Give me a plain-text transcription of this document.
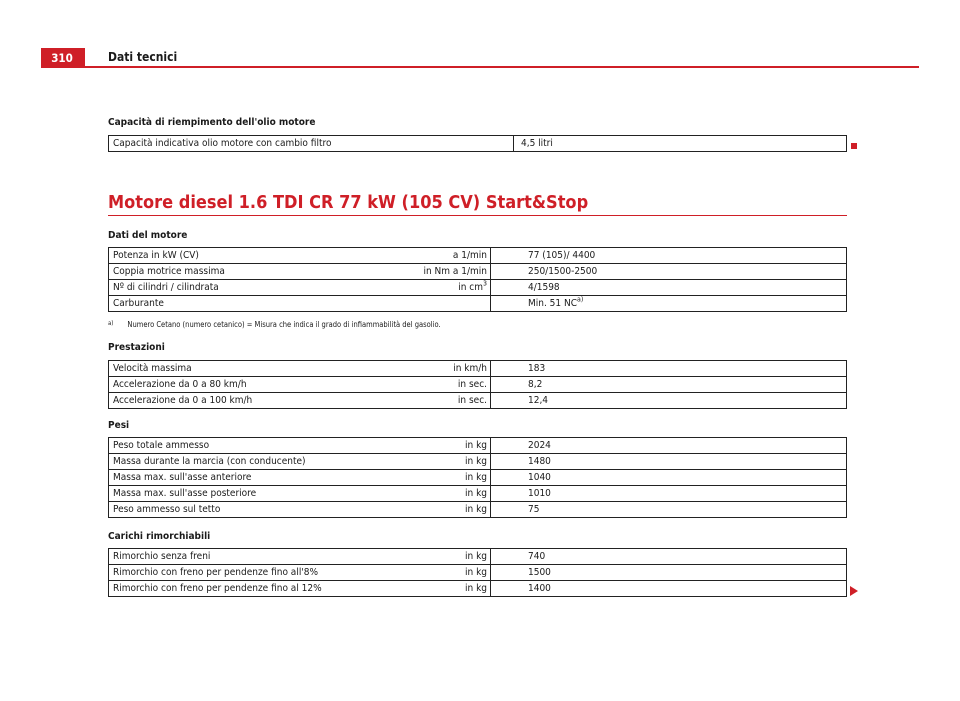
310	Dati tecnici
Capacità di riempimento dell'olio motore
Capacità indicativa olio motore con cambio filtro	4,5 litri
Motore diesel 1.6 TDI CR 77 kW (105 CV) Start&Stop
Dati del motore
Potenza in kW (CV)	a 1/min	77 (105)/ 4400
Coppia motrice massima	in Nm a 1/min	250/1500-2500
Nº di cilindri / cilindrata	in $cm^3$	4/1598
Carburante		Min. 51 NC$^{a)}$
$^{a)}$ Numero Cetano (numero cetanico) = Misura che indica il grado di infiammabilità del gasolio.
Prestazioni
Velocità massima	in km/h	183
Accelerazione da 0 a 80 km/h	in sec.	8,2
Accelerazione da 0 a 100 km/h	in sec.	12,4
Pesi
Peso totale ammesso	in kg	2024
Massa durante la marcia (con conducente)	in kg	1480
Massa max. sull'asse anteriore	in kg	1040
Massa max. sull'asse posteriore	in kg	1010
Peso ammesso sul tetto	in kg	75
Carichi rimorchiabili
Rimorchio senza freni	in kg	740
Rimorchio con freno per pendenze fino all'8%	in kg	1500
Rimorchio con freno per pendenze fino al 12%	in kg	1400
